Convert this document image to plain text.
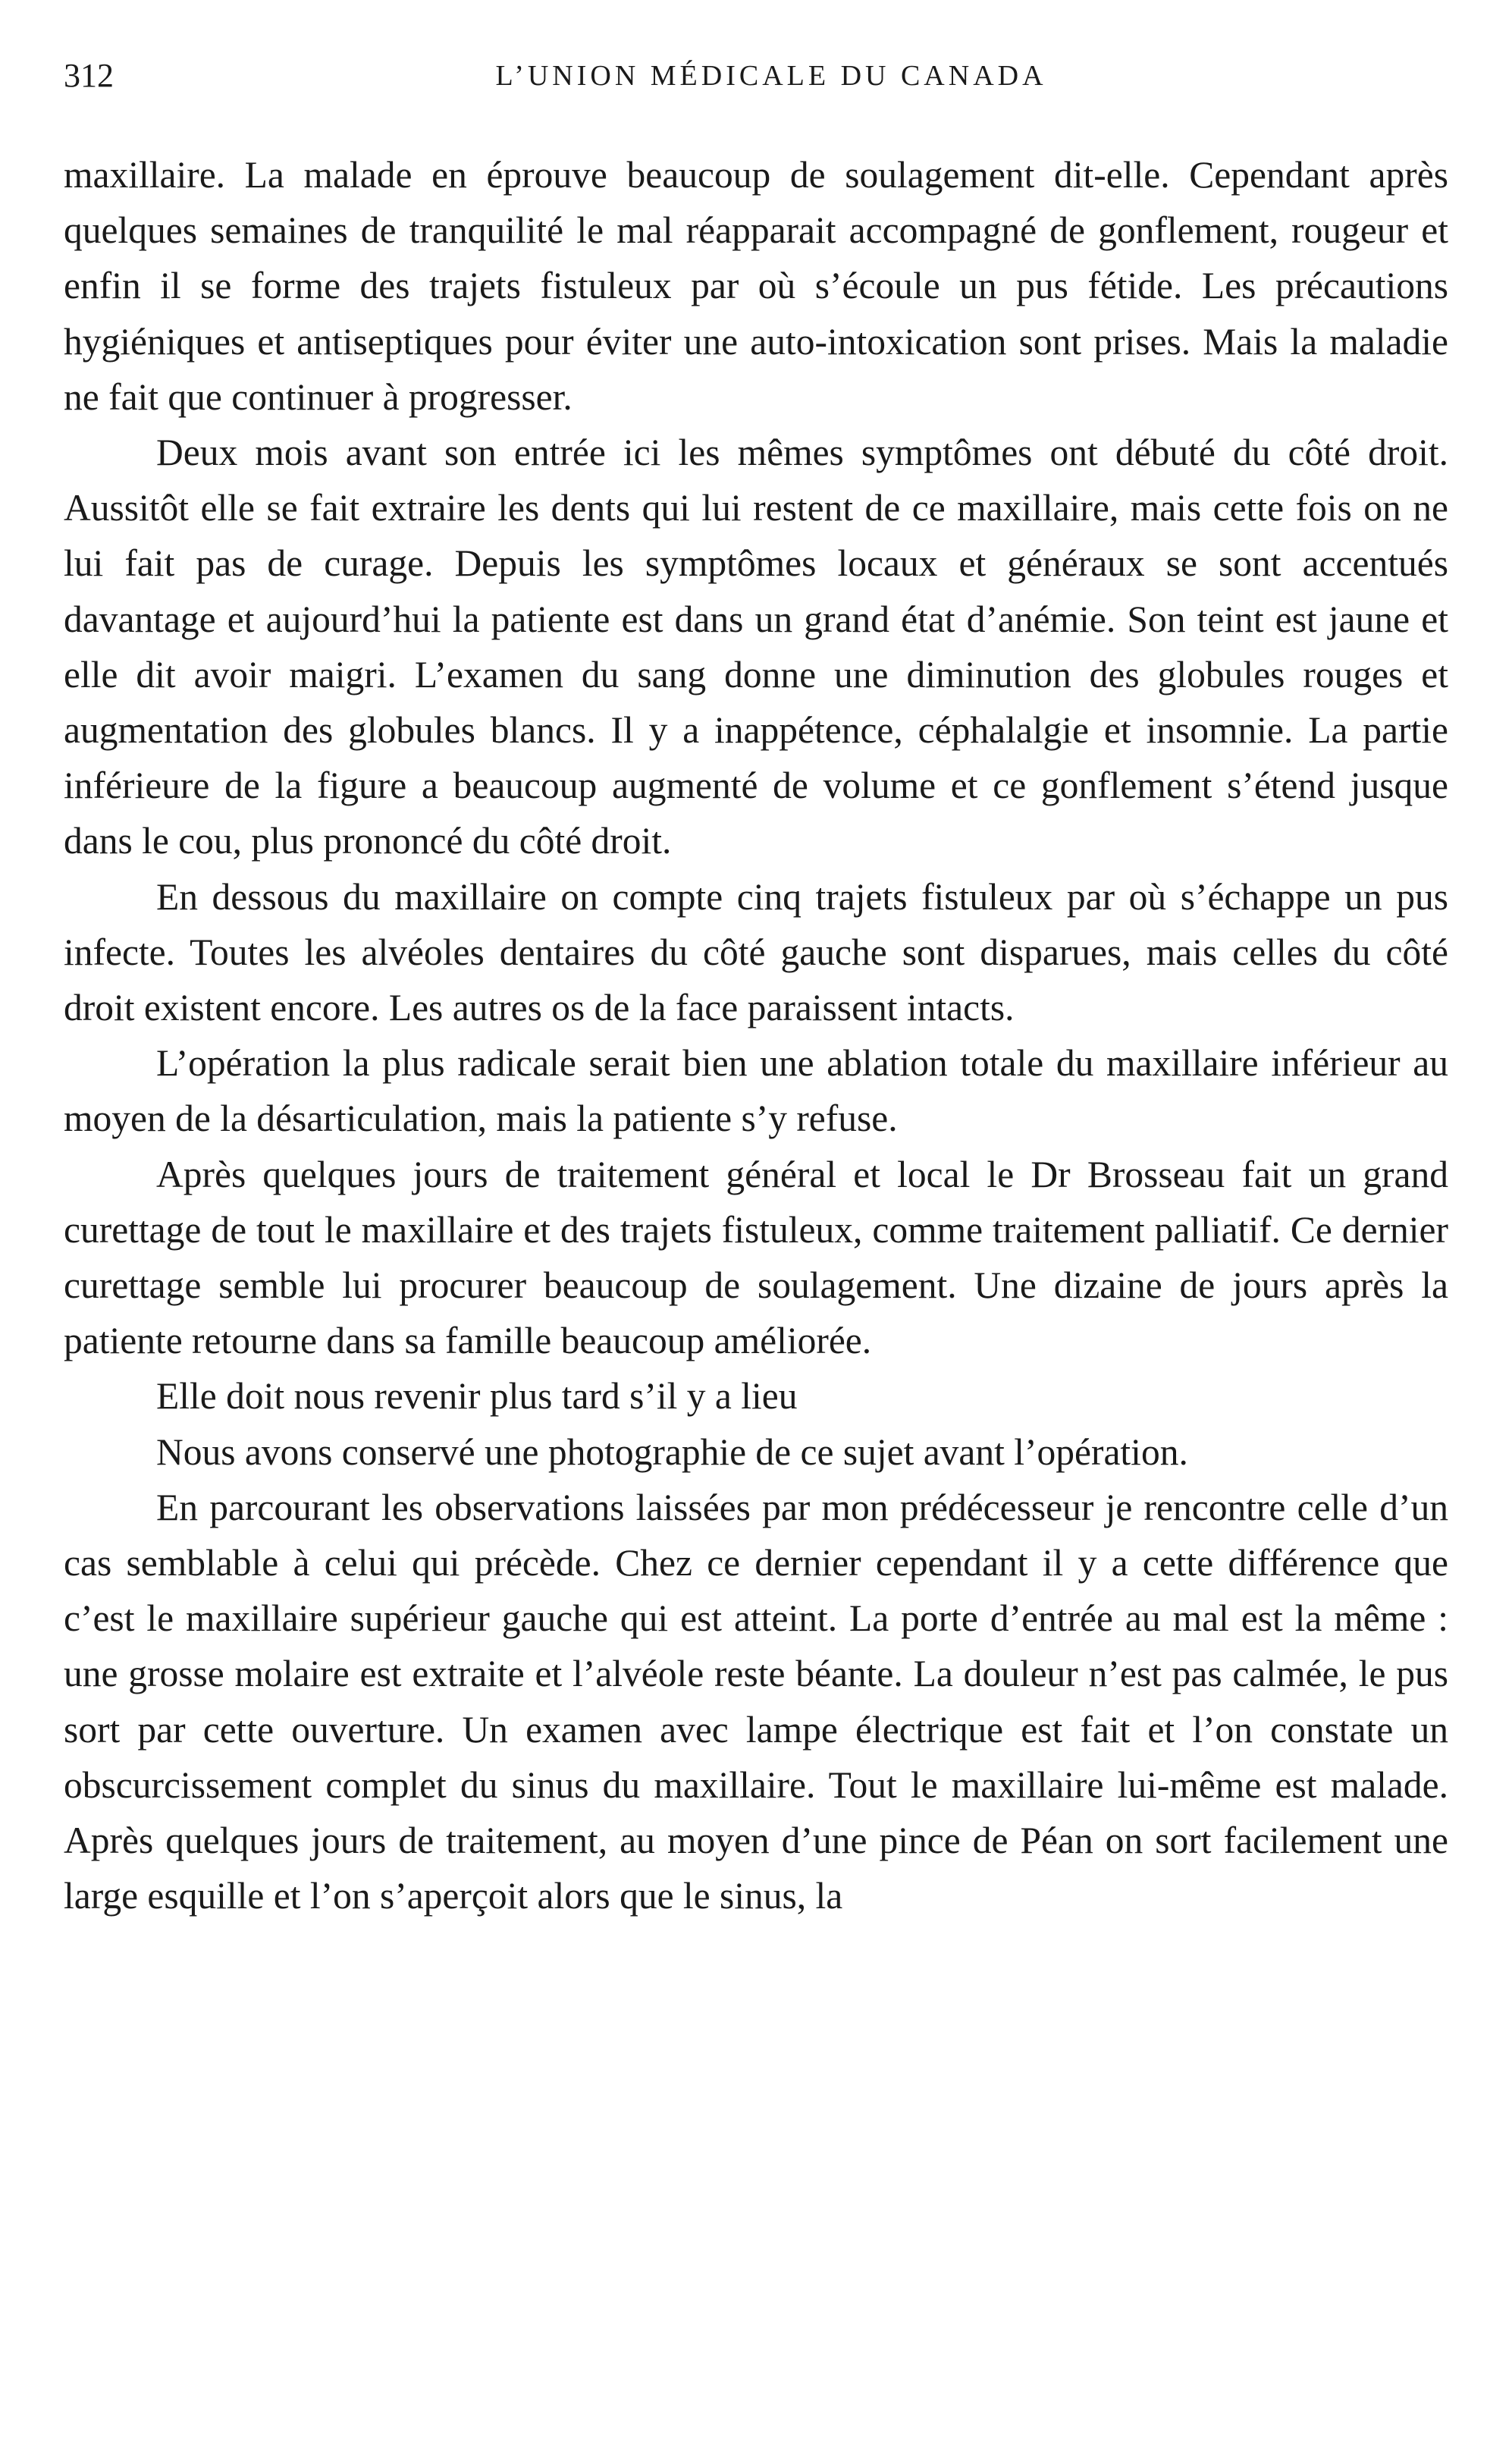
312	L’UNION MÉDICALE DU CANADA

maxillaire. La malade en éprouve beaucoup de soulagement dit-elle. Cependant après quelques semaines de tranquilité le mal réapparait accompagné de gonflement, rougeur et enfin il se forme des trajets fistuleux par où s’écoule un pus fétide. Les précautions hygiéniques et antiseptiques pour éviter une auto-intoxication sont prises. Mais la maladie ne fait que continuer à progresser.

Deux mois avant son entrée ici les mêmes symptômes ont débuté du côté droit. Aussitôt elle se fait extraire les dents qui lui restent de ce maxillaire, mais cette fois on ne lui fait pas de curage. Depuis les symptômes locaux et généraux se sont accentués davantage et aujourd’hui la patiente est dans un grand état d’anémie. Son teint est jaune et elle dit avoir maigri. L’examen du sang donne une diminution des globules rouges et augmentation des globules blancs. Il y a inappétence, céphalalgie et insomnie. La partie inférieure de la figure a beaucoup augmenté de volume et ce gonflement s’étend jusque dans le cou, plus prononcé du côté droit.

En dessous du maxillaire on compte cinq trajets fistuleux par où s’échappe un pus infecte. Toutes les alvéoles dentaires du côté gauche sont disparues, mais celles du côté droit existent encore. Les autres os de la face paraissent intacts.

L’opération la plus radicale serait bien une ablation totale du maxillaire inférieur au moyen de la désarticulation, mais la patiente s’y refuse.

Après quelques jours de traitement général et local le Dr Brosseau fait un grand curettage de tout le maxillaire et des trajets fistuleux, comme traitement palliatif. Ce dernier curettage semble lui procurer beaucoup de soulagement. Une dizaine de jours après la patiente retourne dans sa famille beaucoup améliorée.

Elle doit nous revenir plus tard s’il y a lieu

Nous avons conservé une photographie de ce sujet avant l’opération.

En parcourant les observations laissées par mon prédécesseur je rencontre celle d’un cas semblable à celui qui précède. Chez ce dernier cependant il y a cette différence que c’est le maxillaire supérieur gauche qui est atteint. La porte d’entrée au mal est la même : une grosse molaire est extraite et l’alvéole reste béante. La douleur n’est pas calmée, le pus sort par cette ouverture. Un examen avec lampe électrique est fait et l’on constate un obscurcissement complet du sinus du maxillaire. Tout le maxillaire lui-même est malade. Après quelques jours de traitement, au moyen d’une pince de Péan on sort facilement une large esquille et l’on s’aperçoit alors que le sinus, la
